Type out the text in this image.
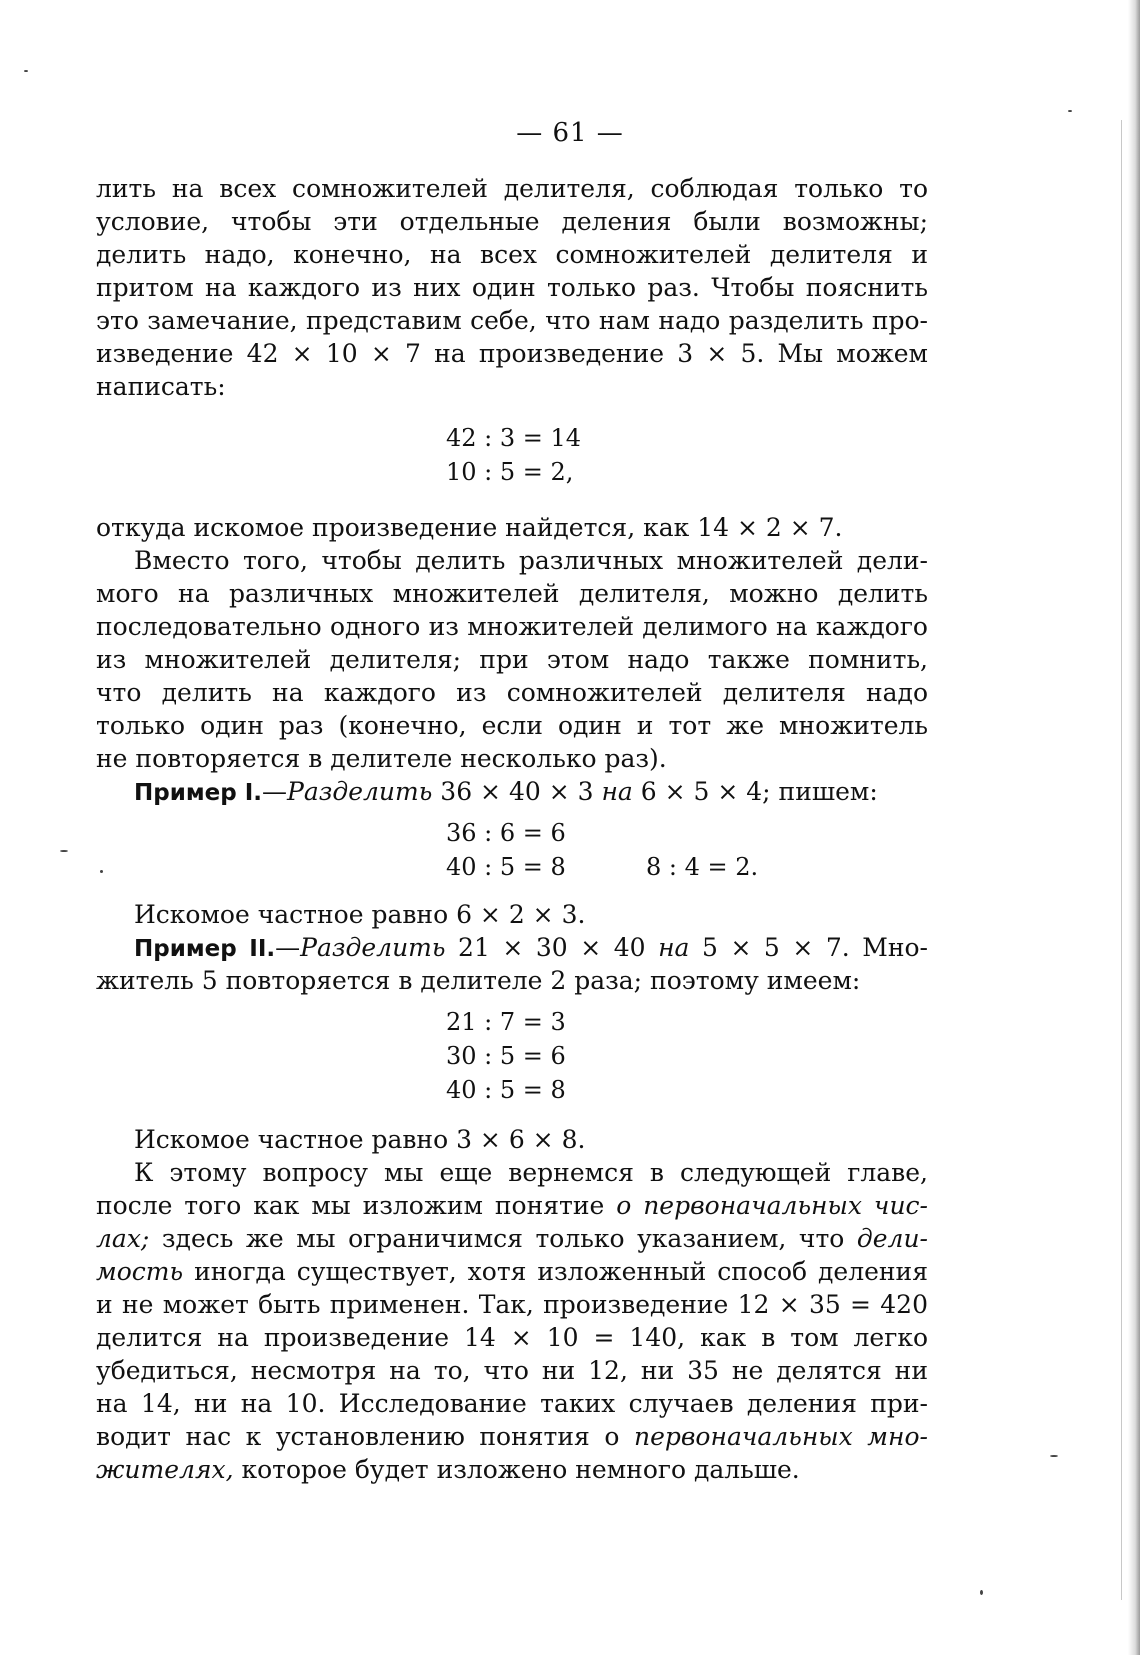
— 61 —
лить на всех сомножителей делителя, соблюдая только то
условие, чтобы эти отдельные деления были возможны;
делить надо, конечно, на всех сомножителей делителя и
притом на каждого из них один только раз. Чтобы пояснить
это замечание, представим себе, что нам надо разделить про-
изведение 42 ⨯ 10 ⨯ 7 на произведение 3 ⨯ 5. Мы можем
написать:
42 : 3 = 14
10 : 5 = 2,
откуда искомое произведение найдется, как 14 ⨯ 2 ⨯ 7.
Вместо того, чтобы делить различных множителей дели-
мого на различных множителей делителя, можно делить
последовательно одного из множителей делимого на каждого
из множителей делителя; при этом надо также помнить,
что делить на каждого из сомножителей делителя надо
только один раз (конечно, если один и тот же множитель
не повторяется в делителе несколько раз).
Пример I.—Разделить 36 ⨯ 40 ⨯ 3 на 6 ⨯ 5 ⨯ 4; пишем:
36 : 6 = 6
40 : 5 = 8	8 : 4 = 2.
Искомое частное равно 6 ⨯ 2 ⨯ 3.
Пример II.—Разделить 21 ⨯ 30 ⨯ 40 на 5 ⨯ 5 ⨯ 7. Мно-
житель 5 повторяется в делителе 2 раза; поэтому имеем:
21 : 7 = 3
30 : 5 = 6
40 : 5 = 8
Искомое частное равно 3 ⨯ 6 ⨯ 8.
К этому вопросу мы еще вернемся в следующей главе,
после того как мы изложим понятие о первоначальных чис-
лах; здесь же мы ограничимся только указанием, что дели-
мость иногда существует, хотя изложенный способ деления
и не может быть применен. Так, произведение 12 ⨯ 35 = 420
делится на произведение 14 ⨯ 10 = 140, как в том легко
убедиться, несмотря на то, что ни 12, ни 35 не делятся ни
на 14, ни на 10. Исследование таких случаев деления при-
водит нас к установлению понятия о первоначальных мно-
жителях, которое будет изложено немного дальше.
